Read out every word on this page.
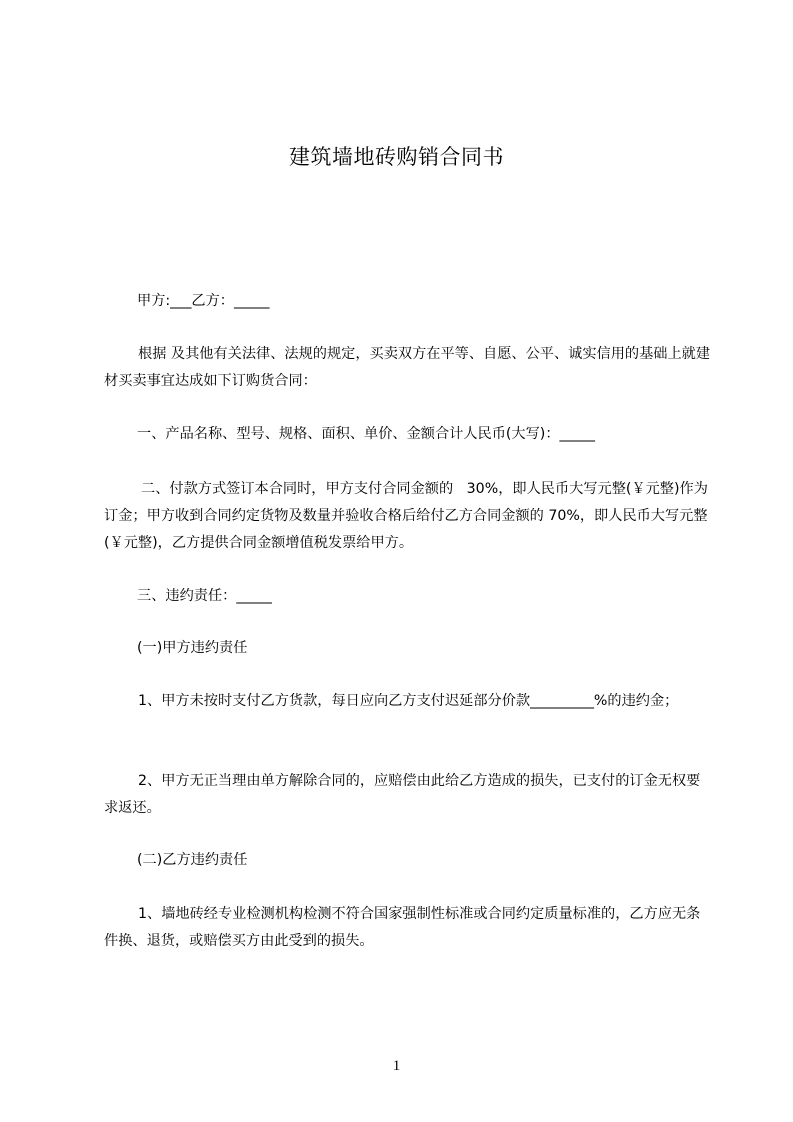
建筑墙地砖购销合同书
甲方:___乙方：_____
根据 及其他有关法律、法规的规定，买卖双方在平等、自愿、公平、诚实信用的基础上就建材买卖事宜达成如下订购货合同：
一、产品名称、型号、规格、面积、单价、金额合计人民币(大写)：_____
二、付款方式签订本合同时，甲方支付合同金额的   30%，即人民币大写元整(￥元整)作为订金；甲方收到合同约定货物及数量并验收合格后给付乙方合同金额的 70%，即人民币大写元整(￥元整)，乙方提供合同金额增值税发票给甲方。
三、违约责任：_____
(一)甲方违约责任
1、甲方未按时支付乙方货款，每日应向乙方支付迟延部分价款_________%的违约金；
2、甲方无正当理由单方解除合同的，应赔偿由此给乙方造成的损失，已支付的订金无权要求返还。
(二)乙方违约责任
1、墙地砖经专业检测机构检测不符合国家强制性标准或合同约定质量标准的，乙方应无条件换、退货，或赔偿买方由此受到的损失。
1
